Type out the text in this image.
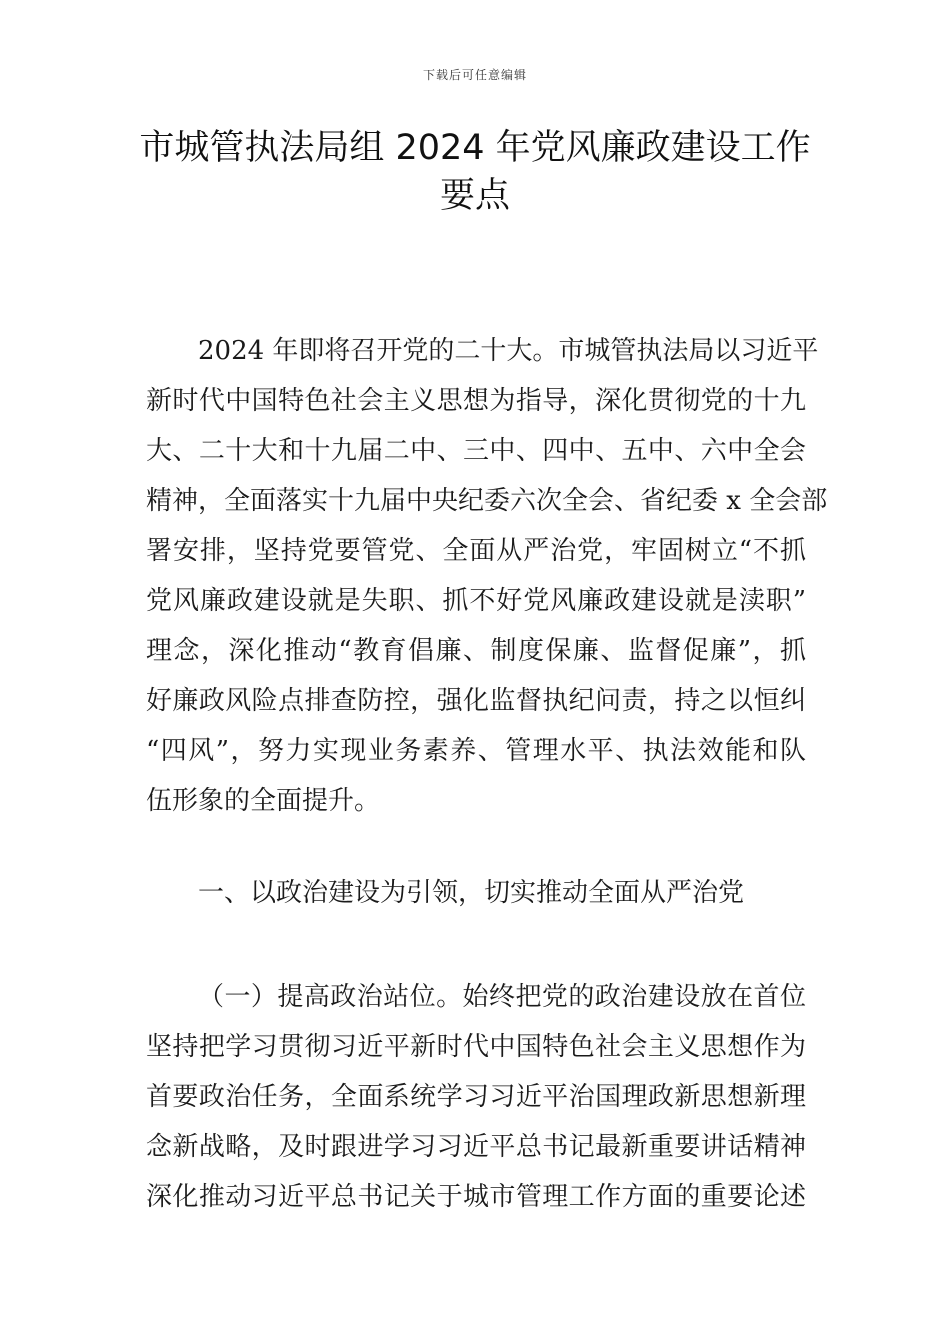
下载后可任意编辑
市城管执法局组 2024 年党风廉政建设工作
要点
2024 年即将召开党的二十大。市城管执法局以习近平
新时代中国特色社会主义思想为指导，深化贯彻党的十九
大、二十大和十九届二中、三中、四中、五中、六中全会
精神，全面落实十九届中央纪委六次全会、省纪委 x 全会部
署安排，坚持党要管党、全面从严治党，牢固树立“不抓
党风廉政建设就是失职、抓不好党风廉政建设就是渎职”
理念，深化推动“教育倡廉、制度保廉、监督促廉”，抓
好廉政风险点排查防控，强化监督执纪问责，持之以恒纠
“四风”，努力实现业务素养、管理水平、执法效能和队
伍形象的全面提升。
一、以政治建设为引领，切实推动全面从严治党
（一）提高政治站位。始终把党的政治建设放在首位
坚持把学习贯彻习近平新时代中国特色社会主义思想作为
首要政治任务，全面系统学习习近平治国理政新思想新理
念新战略，及时跟进学习习近平总书记最新重要讲话精神
深化推动习近平总书记关于城市管理工作方面的重要论述
